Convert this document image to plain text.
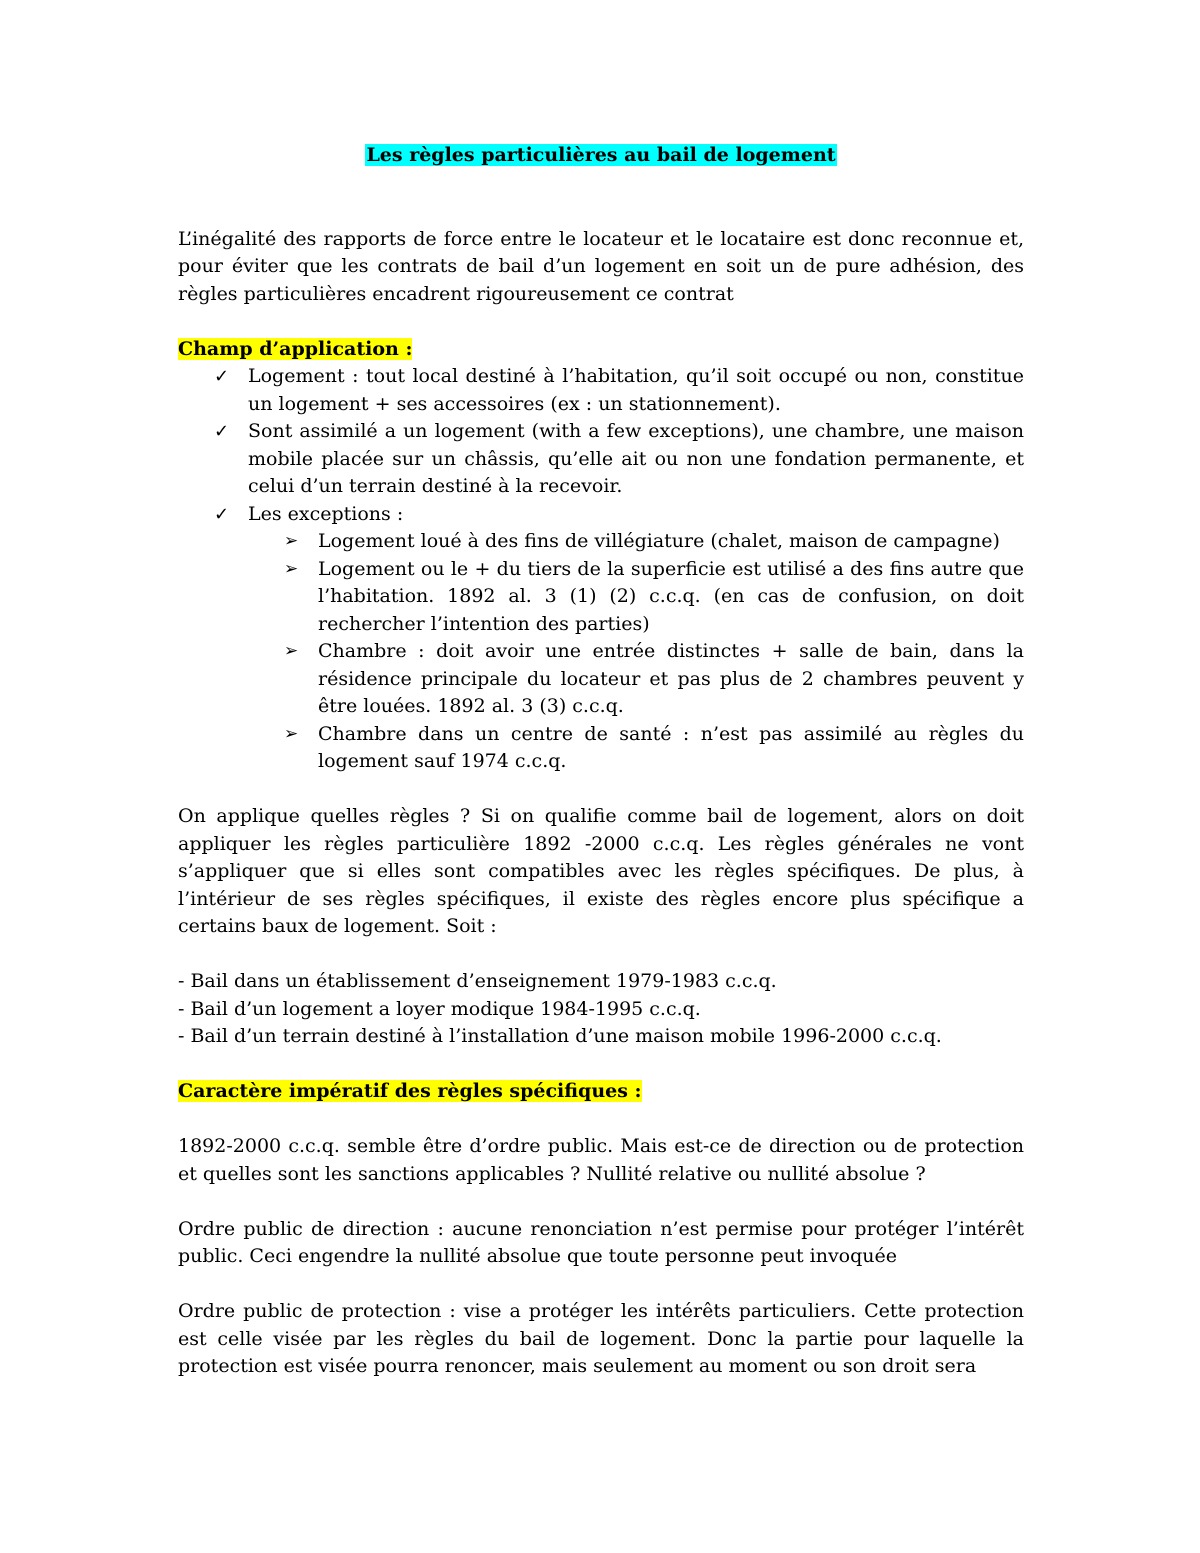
Les règles particulières au bail de logement

L’inégalité des rapports de force entre le locateur et le locataire est donc reconnue et, pour éviter que les contrats de bail d’un logement en soit un de pure adhésion, des règles particulières encadrent rigoureusement ce contrat

Champ d’application :
✓ Logement : tout local destiné à l’habitation, qu’il soit occupé ou non, constitue un logement + ses accessoires (ex : un stationnement).
✓ Sont assimilé a un logement (with a few exceptions), une chambre, une maison mobile placée sur un châssis, qu’elle ait ou non une fondation permanente, et celui d’un terrain destiné à la recevoir.
✓ Les exceptions :
➢	Logement loué à des fins de villégiature (chalet, maison de campagne)
➢	Logement ou le + du tiers de la superficie est utilisé a des fins autre que l’habitation. 1892 al. 3 (1) (2) c.c.q. (en cas de confusion, on doit rechercher l’intention des parties)
➢	Chambre : doit avoir une entrée distinctes + salle de bain, dans la résidence principale du locateur et pas plus de 2 chambres peuvent y être louées. 1892 al. 3 (3) c.c.q.
➢	Chambre dans un centre de santé : n’est pas assimilé au règles du logement sauf 1974 c.c.q.

On applique quelles règles ? Si on qualifie comme bail de logement, alors on doit appliquer les règles particulière 1892 -2000 c.c.q. Les règles générales ne vont s’appliquer que si elles sont compatibles avec les règles spécifiques. De plus, à l’intérieur de ses règles spécifiques, il existe des règles encore plus spécifique a certains baux de logement. Soit :

- Bail dans un établissement d’enseignement 1979-1983 c.c.q.
- Bail d’un logement a loyer modique 1984-1995 c.c.q.
- Bail d’un terrain destiné à l’installation d’une maison mobile 1996-2000 c.c.q.
Caractère impératif des règles spécifiques :

1892-2000 c.c.q. semble être d’ordre public. Mais est-ce de direction ou de protection et quelles sont les sanctions applicables ? Nullité relative ou nullité absolue ?

Ordre public de direction : aucune renonciation n’est permise pour protéger l’intérêt public. Ceci engendre la nullité absolue que toute personne peut invoquée

Ordre public de protection : vise a protéger les intérêts particuliers. Cette protection est celle visée par les règles du bail de logement. Donc la partie pour laquelle la protection est visée pourra renoncer, mais seulement au moment ou son droit sera
